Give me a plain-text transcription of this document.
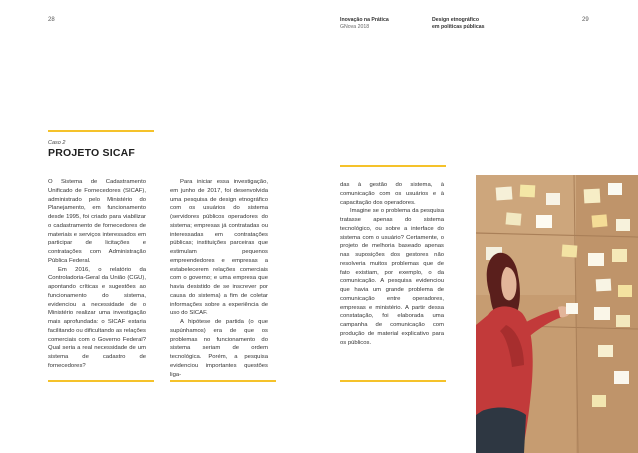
28	Inovação na Prática
GNova 2018
Design etnográfico
em políticas públicas
29
Caso 2
PROJETO SICAF

O Sistema de Cadastramento Unificado de Fornecedores (SICAF), administrado pelo Ministério do Planejamento, em funcionamento desde 1995, foi criado para viabilizar o cadastramento de fornecedores de materiais e serviços interessados em participar de licitações e contratações com Administração Pública Federal.

Em 2016, o relatório da Controladoria-Geral da União (CGU), apontando críticas e sugestões ao funcionamento do sistema, evidenciou a necessidade de o Ministério realizar uma investigação mais aprofundada: o SICAF estaria facilitando ou dificultando as relações comerciais com o Governo Federal? Qual seria a real necessidade de um sistema de cadastro de fornecedores?

Para iniciar essa investigação, em junho de 2017, foi desenvolvida uma pesquisa de design etnográfico com os usuários do sistema (servidores públicos operadores do sistema; empresas já contratadas ou interessadas em contratações públicas; instituições parceiras que estimulam pequenos empreendedores e empresas a estabelecerem relações comerciais com o governo; e uma empresa que havia desistido de se inscrever por causa do sistema) a fim de coletar informações sobre a experiência de uso do SICAF.

A hipótese de partida (o que supúnhamos) era de que os problemas no funcionamento do sistema seriam de ordem tecnológica. Porém, a pesquisa evidenciou importantes questões liga-

das à gestão do sistema, à comunicação com os usuários e à capacitação dos operadores.

Imagine se o problema da pesquisa tratasse apenas do sistema tecnológico, ou sobre a interface do sistema com o usuário? Certamente, o projeto de melhoria baseado apenas nas suposições dos gestores não resolveria muitos problemas que de fato existiam, por exemplo, o da comunicação. A pesquisa evidenciou que havia um grande problema de comunicação entre operadores, empresas e ministério. A partir dessa constatação, foi elaborada uma campanha de comunicação com produção de material explicativo para os públicos.
